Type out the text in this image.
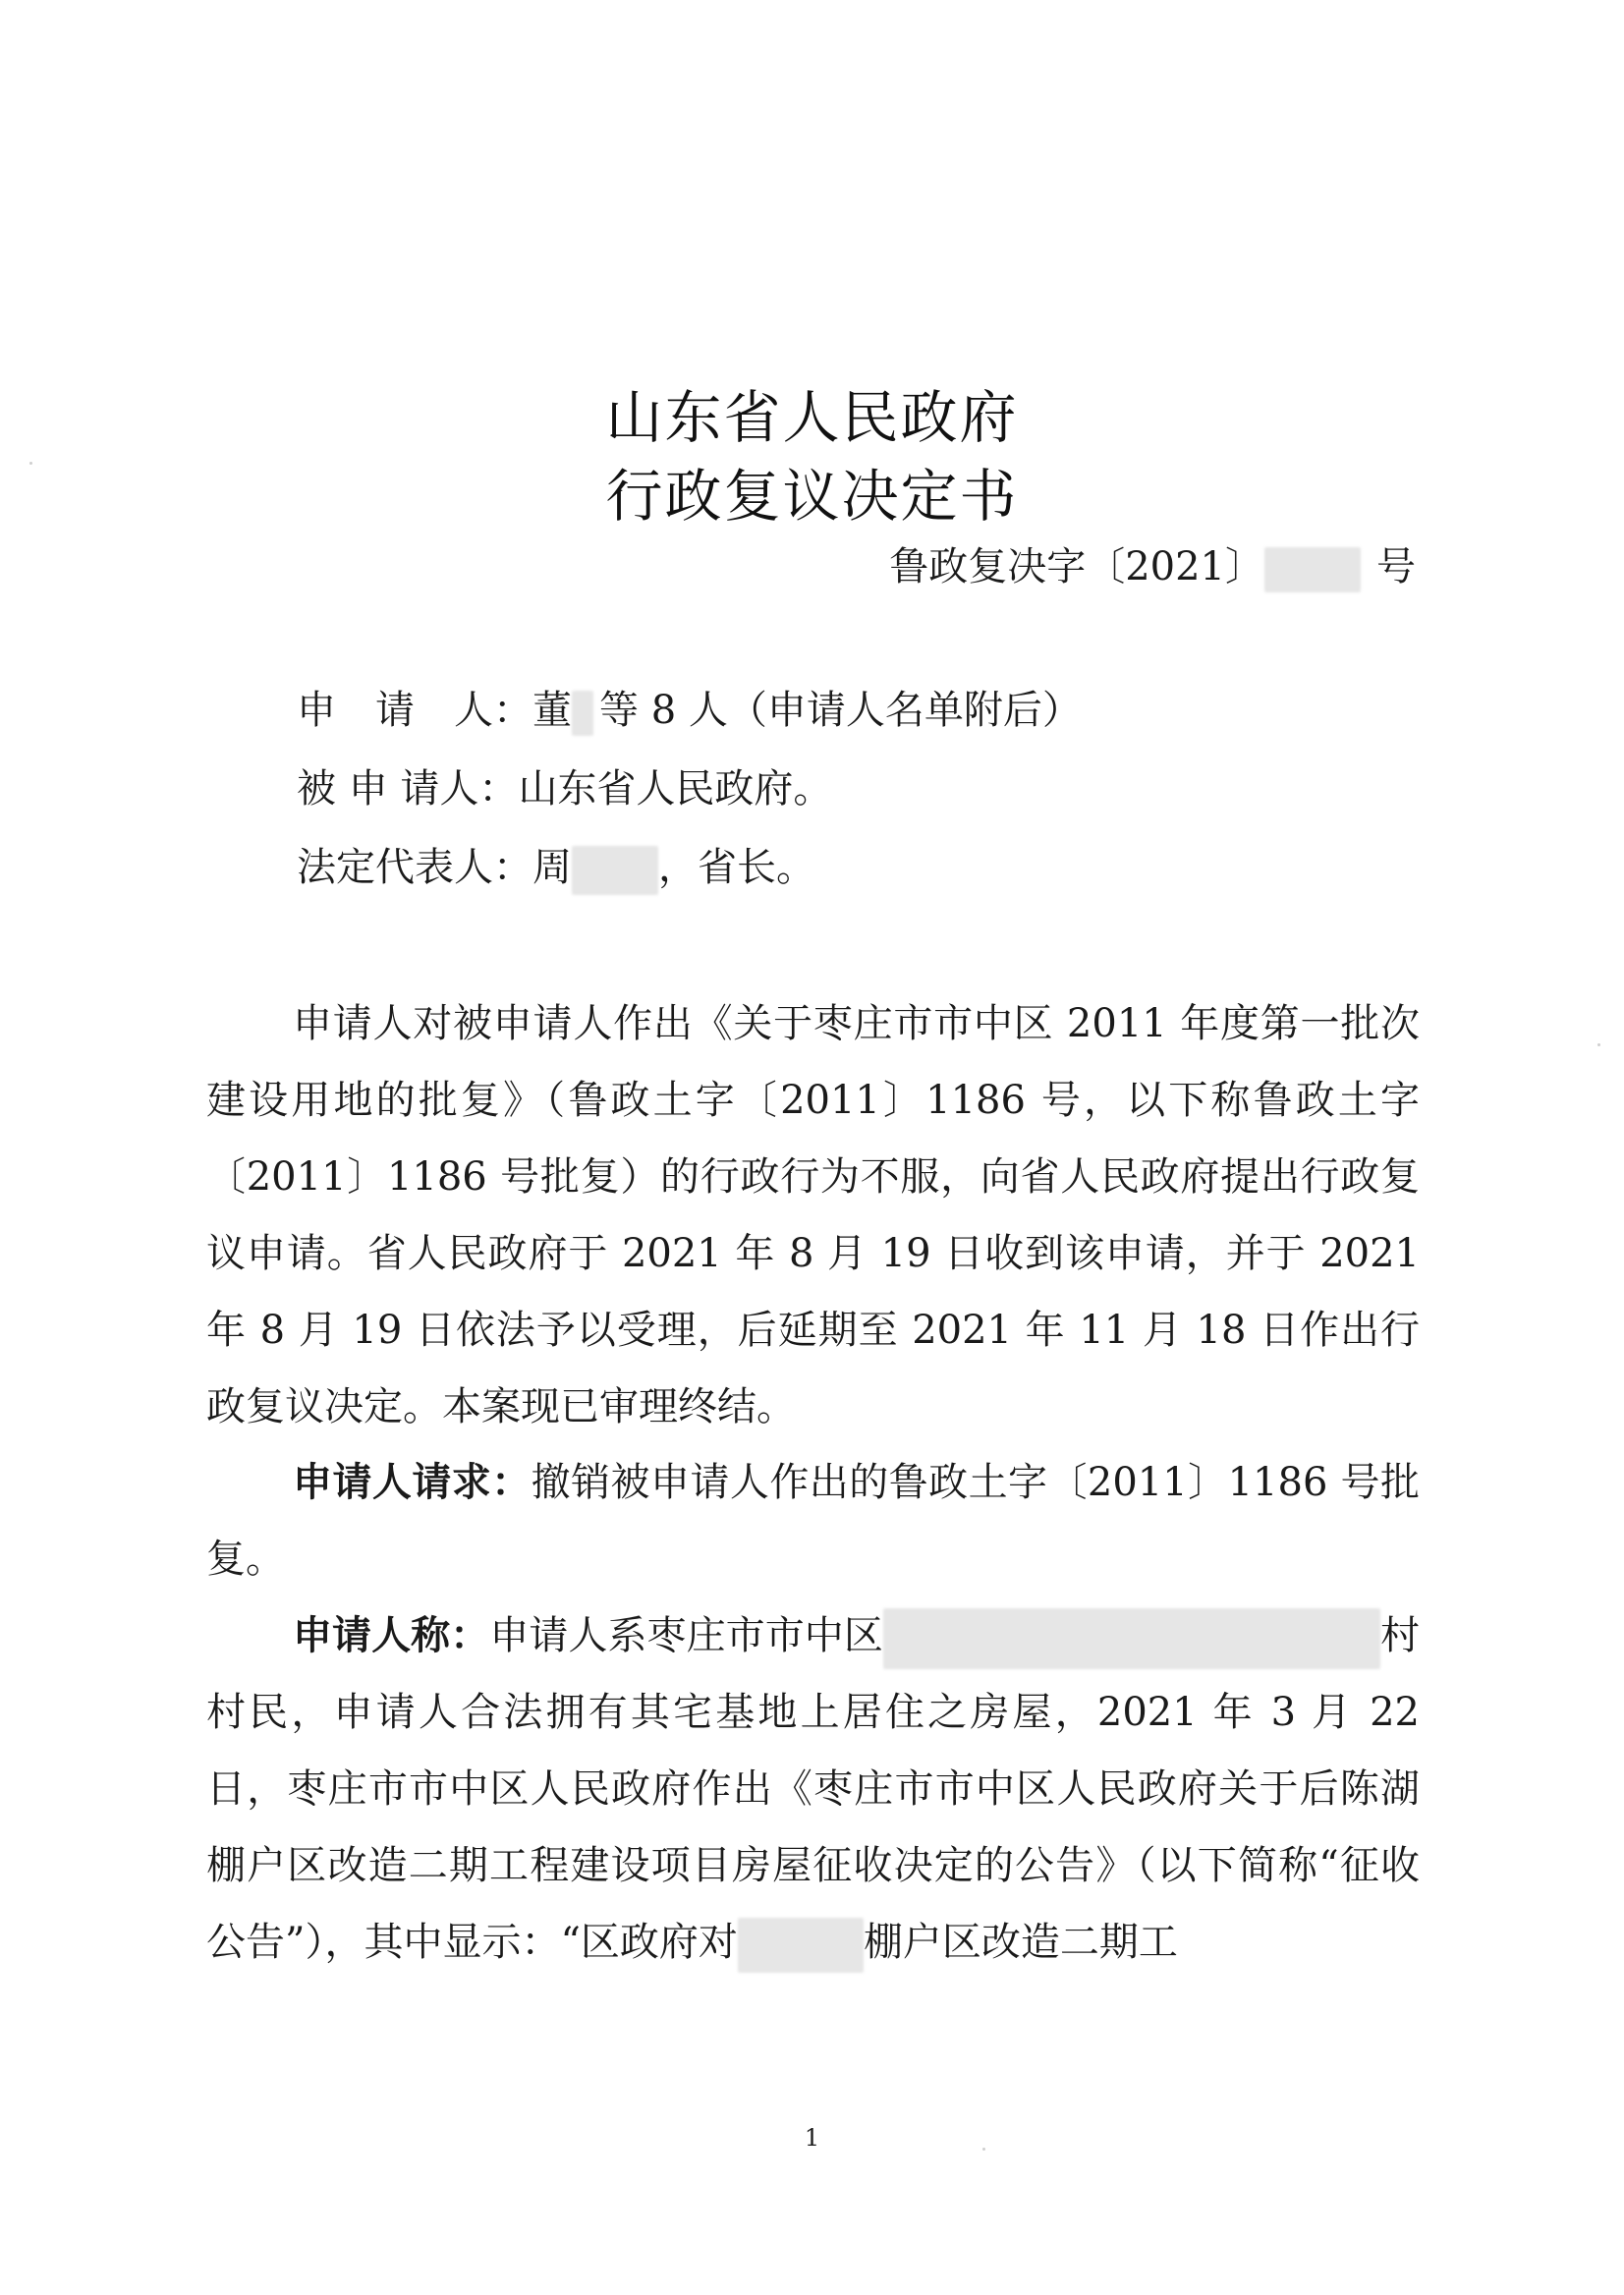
山东省人民政府
行政复议决定书
鲁政复决字〔2021〕	号
申　请　人：董 等 8 人（申请人名单附后）
被 申 请人：山东省人民政府。
法定代表人：周 ，省长。
申请人对被申请人作出《关于枣庄市市中区 2011 年度第一批次建设用地的批复》（鲁政土字〔2011〕1186 号，以下称鲁政土字〔2011〕1186 号批复）的行政行为不服，向省人民政府提出行政复议申请。省人民政府于 2021 年 8 月 19 日收到该申请，并于 2021 年 8 月 19 日依法予以受理，后延期至 2021 年 11 月 18 日作出行政复议决定。本案现已审理终结。
申请人请求：撤销被申请人作出的鲁政土字〔2011〕1186 号批复。
申请人称：申请人系枣庄市市中区	村村民，申请人合法拥有其宅基地上居住之房屋，2021 年 3 月 22 日，枣庄市市中区人民政府作出《枣庄市市中区人民政府关于后陈湖棚户区改造二期工程建设项目房屋征收决定的公告》（以下简称“征收公告”），其中显示：“区政府对	棚户区改造二期工
1
